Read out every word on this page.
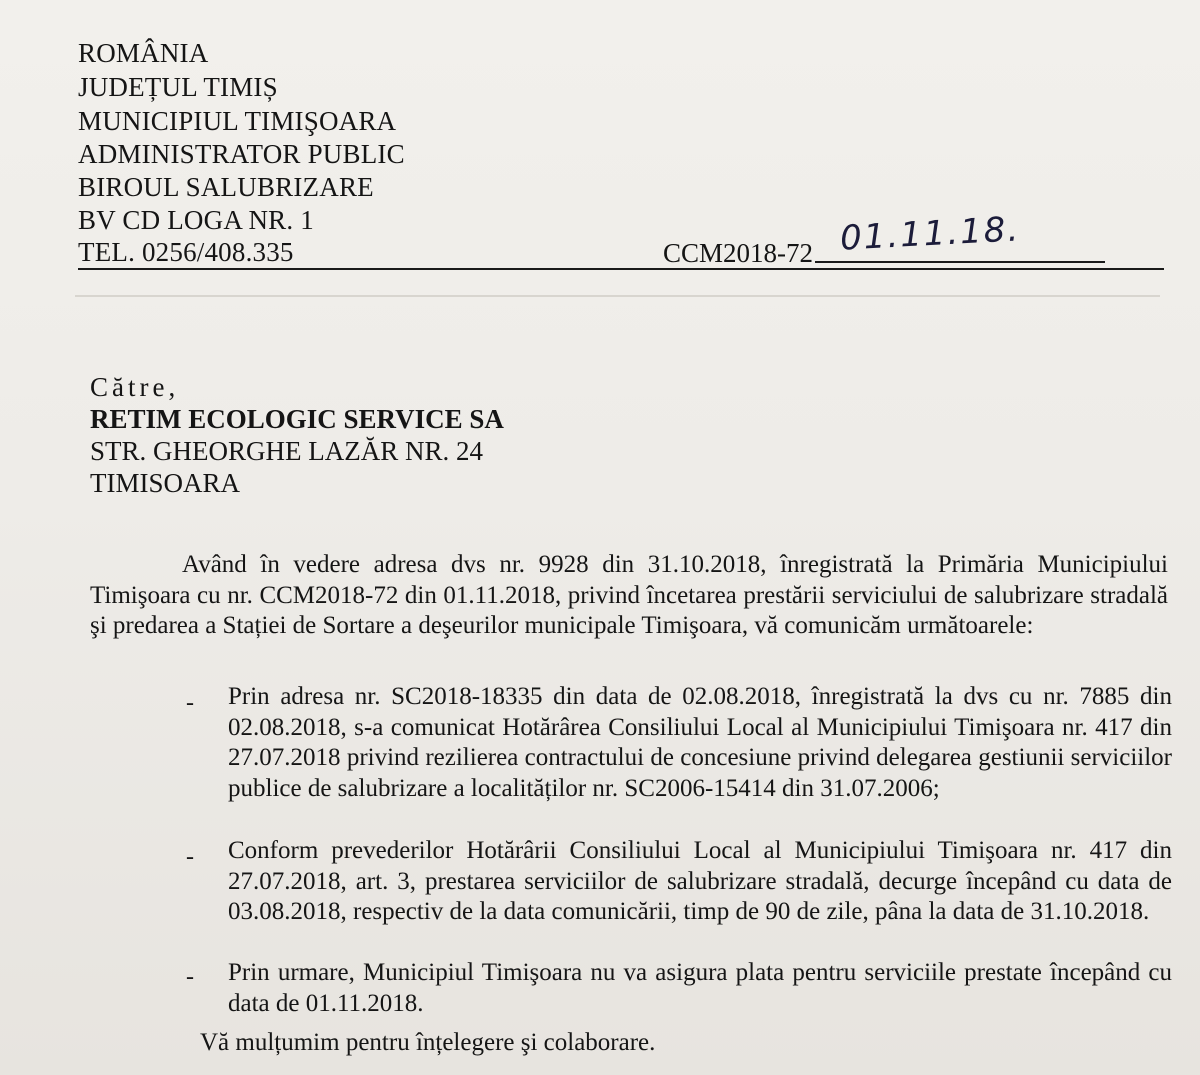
ROMÂNIA
JUDEȚUL TIMIȘ
MUNICIPIUL TIMIŞOARA
ADMINISTRATOR PUBLIC
BIROUL SALUBRIZARE
BV CD LOGA NR. 1
TEL. 0256/408.335	CCM2018-72 01.11.18.
Către,
RETIM ECOLOGIC SERVICE SA
STR. GHEORGHE LAZĂR NR. 24
TIMISOARA
Având în vedere adresa dvs nr. 9928 din 31.10.2018, înregistrată la Primăria Municipiului Timişoara cu nr. CCM2018-72 din 01.11.2018, privind încetarea prestării serviciului de salubrizare stradală şi predarea a Stației de Sortare a deşeurilor municipale Timişoara, vă comunicăm următoarele:
- Prin adresa nr. SC2018-18335 din data de 02.08.2018, înregistrată la dvs cu nr. 7885 din 02.08.2018, s-a comunicat Hotărârea Consiliului Local al Municipiului Timişoara nr. 417 din 27.07.2018 privind rezilierea contractului de concesiune privind delegarea gestiunii serviciilor publice de salubrizare a localităților nr. SC2006-15414 din 31.07.2006;
- Conform prevederilor Hotărârii Consiliului Local al Municipiului Timişoara nr. 417 din 27.07.2018, art. 3, prestarea serviciilor de salubrizare stradală, decurge începând cu data de 03.08.2018, respectiv de la data comunicării, timp de 90 de zile, pâna la data de 31.10.2018.
- Prin urmare, Municipiul Timişoara nu va asigura plata pentru serviciile prestate începând cu data de 01.11.2018.
Vă mulțumim pentru înțelegere şi colaborare.
